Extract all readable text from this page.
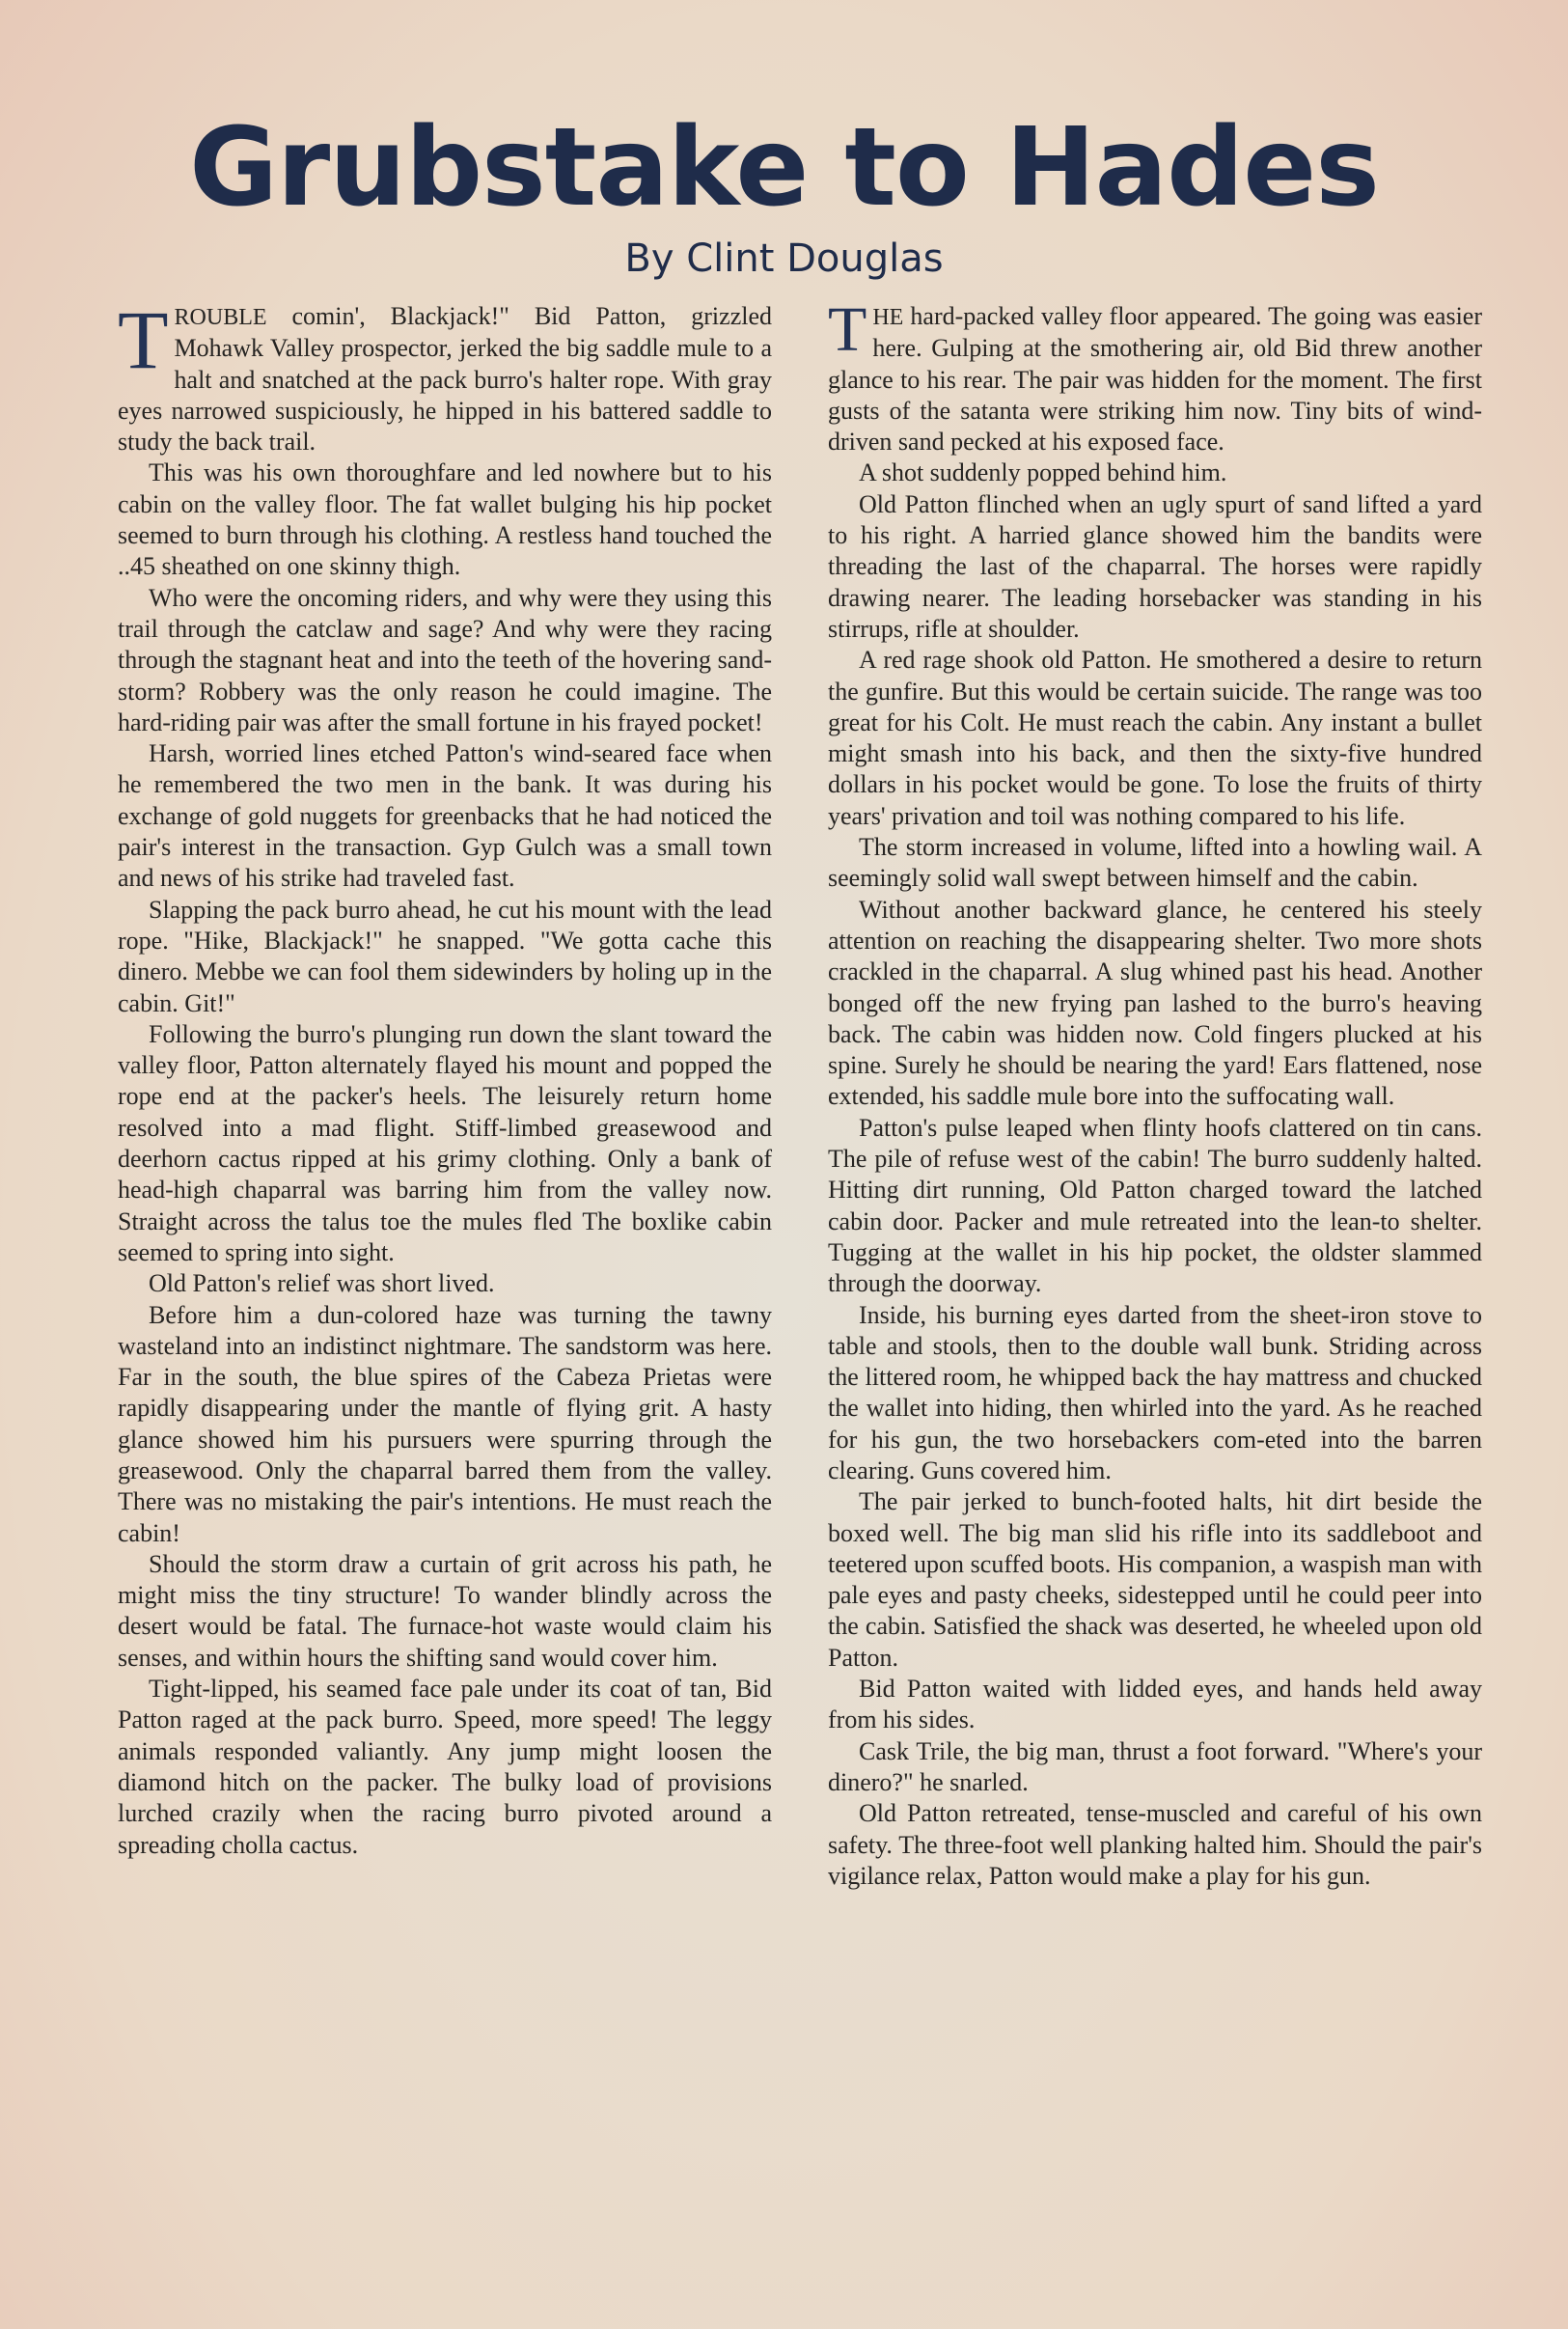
Grubstake to Hades
By Clint Douglas

TROUBLE comin', Blackjack!" Bid Patton, grizzled Mohawk Valley prospector, jerked the big saddle mule to a halt and snatched at the pack burro's halter rope. With gray eyes narrowed suspiciously, he hipped in his battered saddle to study the back trail.

This was his own thoroughfare and led nowhere but to his cabin on the valley floor. The fat wallet bulging his hip pocket seemed to burn through his clothing. A restless hand touched the ..45 sheathed on one skinny thigh.

Who were the oncoming riders, and why were they using this trail through the catclaw and sage? And why were they racing through the stagnant heat and into the teeth of the hovering sand-storm? Robbery was the only reason he could imagine. The hard-riding pair was after the small fortune in his frayed pocket!

Harsh, worried lines etched Patton's wind-seared face when he remembered the two men in the bank. It was during his exchange of gold nuggets for greenbacks that he had noticed the pair's interest in the transaction. Gyp Gulch was a small town and news of his strike had traveled fast.

Slapping the pack burro ahead, he cut his mount with the lead rope. "Hike, Blackjack!" he snapped. "We gotta cache this dinero. Mebbe we can fool them sidewinders by holing up in the cabin. Git!"

Following the burro's plunging run down the slant toward the valley floor, Patton alternately flayed his mount and popped the rope end at the packer's heels. The leisurely return home resolved into a mad flight. Stiff-limbed greasewood and deerhorn cactus ripped at his grimy clothing. Only a bank of head-high chaparral was barring him from the valley now. Straight across the talus toe the mules fled The boxlike cabin seemed to spring into sight.

Old Patton's relief was short lived.

Before him a dun-colored haze was turning the tawny wasteland into an indistinct nightmare. The sandstorm was here. Far in the south, the blue spires of the Cabeza Prietas were rapidly disappearing under the mantle of flying grit. A hasty glance showed him his pursuers were spurring through the greasewood. Only the chaparral barred them from the valley. There was no mistaking the pair's intentions. He must reach the cabin!

Should the storm draw a curtain of grit across his path, he might miss the tiny structure! To wander blindly across the desert would be fatal. The furnace-hot waste would claim his senses, and within hours the shifting sand would cover him.

Tight-lipped, his seamed face pale under its coat of tan, Bid Patton raged at the pack burro. Speed, more speed! The leggy animals responded valiantly. Any jump might loosen the diamond hitch on the packer. The bulky load of provisions lurched crazily when the racing burro pivoted around a spreading cholla cactus.

THE hard-packed valley floor appeared. The going was easier here. Gulping at the smothering air, old Bid threw another glance to his rear. The pair was hidden for the moment. The first gusts of the satanta were striking him now. Tiny bits of wind-driven sand pecked at his exposed face.

A shot suddenly popped behind him.

Old Patton flinched when an ugly spurt of sand lifted a yard to his right. A harried glance showed him the bandits were threading the last of the chaparral. The horses were rapidly drawing nearer. The leading horsebacker was standing in his stirrups, rifle at shoulder.

A red rage shook old Patton. He smothered a desire to return the gunfire. But this would be certain suicide. The range was too great for his Colt. He must reach the cabin. Any instant a bullet might smash into his back, and then the sixty-five hundred dollars in his pocket would be gone. To lose the fruits of thirty years' privation and toil was nothing compared to his life.

The storm increased in volume, lifted into a howling wail. A seemingly solid wall swept between himself and the cabin.

Without another backward glance, he centered his steely attention on reaching the disappearing shelter. Two more shots crackled in the chaparral. A slug whined past his head. Another bonged off the new frying pan lashed to the burro's heaving back. The cabin was hidden now. Cold fingers plucked at his spine. Surely he should be nearing the yard! Ears flattened, nose extended, his saddle mule bore into the suffocating wall.

Patton's pulse leaped when flinty hoofs clattered on tin cans. The pile of refuse west of the cabin! The burro suddenly halted. Hitting dirt running, Old Patton charged toward the latched cabin door. Packer and mule retreated into the lean-to shelter. Tugging at the wallet in his hip pocket, the oldster slammed through the doorway.

Inside, his burning eyes darted from the sheet-iron stove to table and stools, then to the double wall bunk. Striding across the littered room, he whipped back the hay mattress and chucked the wallet into hiding, then whirled into the yard. As he reached for his gun, the two horsebackers com-eted into the barren clearing. Guns covered him.

The pair jerked to bunch-footed halts, hit dirt beside the boxed well. The big man slid his rifle into its saddleboot and teetered upon scuffed boots. His companion, a waspish man with pale eyes and pasty cheeks, sidestepped until he could peer into the cabin. Satisfied the shack was deserted, he wheeled upon old Patton.

Bid Patton waited with lidded eyes, and hands held away from his sides.

Cask Trile, the big man, thrust a foot forward. "Where's your dinero?" he snarled.

Old Patton retreated, tense-muscled and careful of his own safety. The three-foot well planking halted him. Should the pair's vigilance relax, Patton would make a play for his gun.
